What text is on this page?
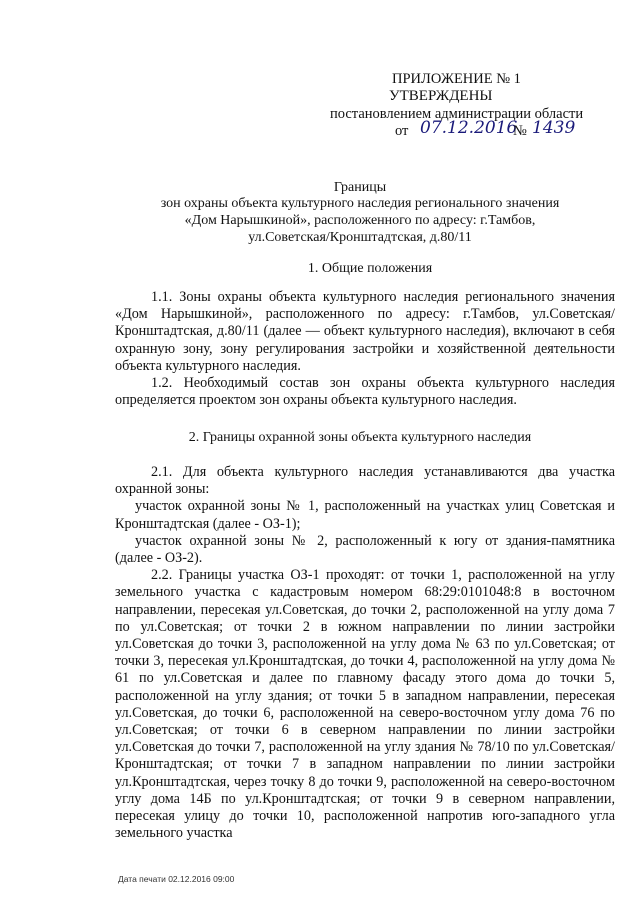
ПРИЛОЖЕНИЕ № 1
УТВЕРЖДЕНЫ
постановлением администрации области
от 07.12.2016
№ 1439
Границы
зон охраны объекта культурного наследия регионального значения
«Дом Нарышкиной», расположенного по адресу: г.Тамбов,
ул.Советская/Кронштадтская, д.80/11
1. Общие положения

1.1. Зоны охраны объекта культурного наследия регионального значения «Дом Нарышкиной», расположенного по адресу: г.Тамбов, ул.Советская/Кронштадтская, д.80/11 (далее — объект культурного наследия), включают в себя охранную зону, зону регулирования застройки и хозяйственной деятельности объекта культурного наследия.

1.2. Необходимый состав зон охраны объекта культурного наследия определяется проектом зон охраны объекта культурного наследия.

2. Границы охранной зоны объекта культурного наследия

2.1. Для объекта культурного наследия устанавливаются два участка охранной зоны:

участок охранной зоны № 1, расположенный на участках улиц Советская и Кронштадтская (далее - ОЗ-1);

участок охранной зоны № 2, расположенный к югу от здания-памятника (далее - ОЗ-2).

2.2. Границы участка ОЗ-1 проходят: от точки 1, расположенной на углу земельного участка с кадастровым номером 68:29:0101048:8 в восточном направлении, пересекая ул.Советская, до точки 2, расположенной на углу дома 7 по ул.Советская; от точки 2 в южном направлении по линии застройки ул.Советская до точки 3, расположенной на углу дома № 63 по ул.Советская; от точки 3, пересекая ул.Кронштадтская, до точки 4, расположенной на углу дома № 61 по ул.Советская и далее по главному фасаду этого дома до точки 5, расположенной на углу здания; от точки 5 в западном направлении, пересекая ул.Советская, до точки 6, расположенной на северо-восточном углу дома 76 по ул.Советская; от точки 6 в северном направлении по линии застройки ул.Советская до точки 7, расположенной на углу здания № 78/10 по ул.Советская/Кронштадтская; от точки 7 в западном направлении по линии застройки ул.Кронштадтская, через точку 8 до точки 9, расположенной на северо-восточном углу дома 14Б по ул.Кронштадтская; от точки 9 в северном направлении, пересекая улицу до точки 10, расположенной напротив юго-западного угла земельного участка

Дата печати 02.12.2016 09:00
